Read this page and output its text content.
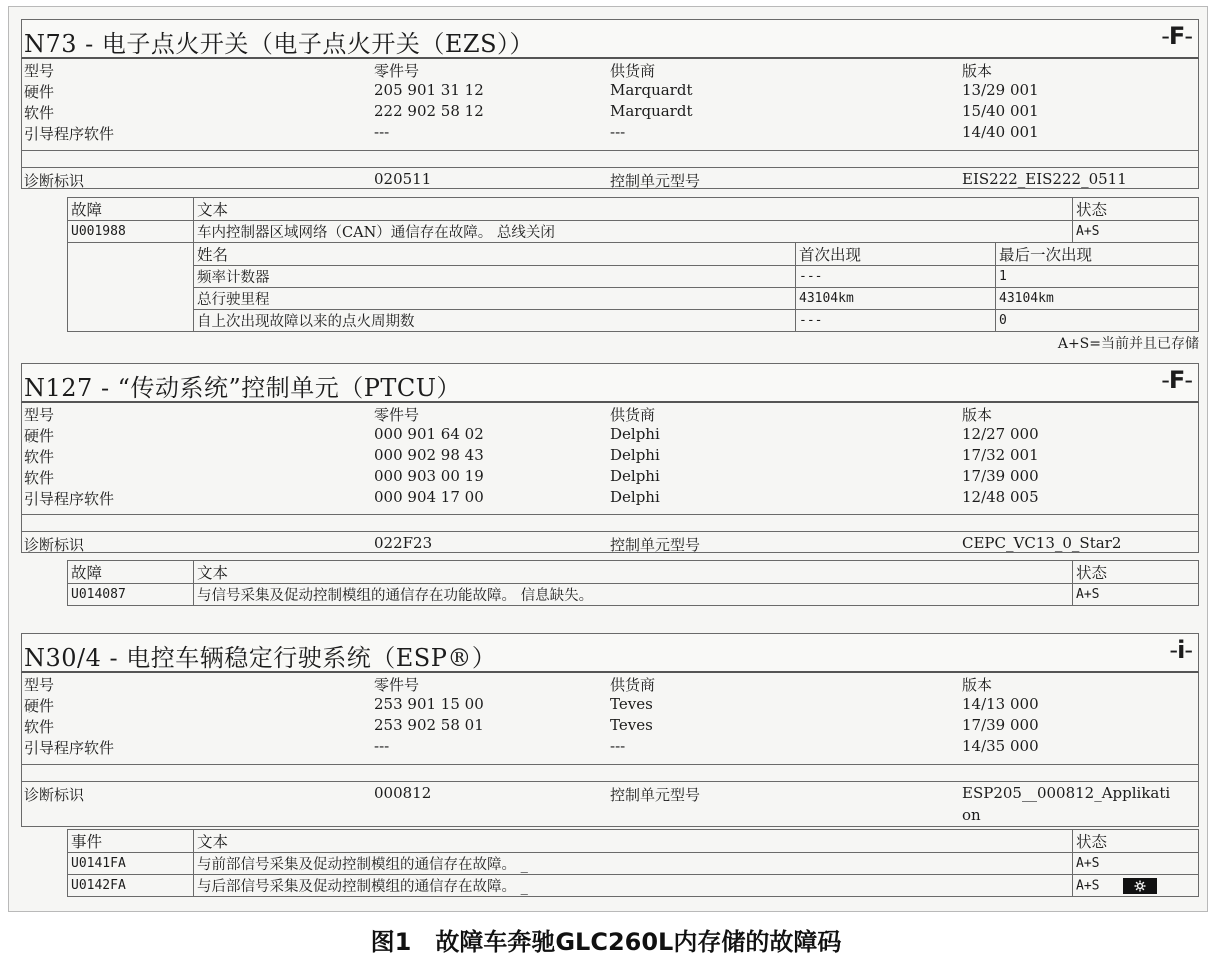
N73 - 电子点火开关（电子点火开关（EZS））	-F-
型号	零件号	供货商	版本
硬件	205 901 31 12	Marquardt	13/29 001
软件	222 902 58 12	Marquardt	15/40 001
引导程序软件	---	---	14/40 001
诊断标识	020511	控制单元型号	EIS222_EIS222_0511
故障	文本			状态
U001988	车内控制器区域网络（CAN）通信存在故障。 总线关闭			A+S
	姓名	首次出现	最后一次出现	
	频率计数器	---	1	
	总行驶里程	43104km	43104km	
	自上次出现故障以来的点火周期数	---	0	
A+S=当前并且已存储
N127 - “传动系统”控制单元（PTCU）	-F-
型号	零件号	供货商	版本
硬件	000 901 64 02	Delphi	12/27 000
软件	000 902 98 43	Delphi	17/32 001
软件	000 903 00 19	Delphi	17/39 000
引导程序软件	000 904 17 00	Delphi	12/48 005
诊断标识	022F23	控制单元型号	CEPC_VC13_0_Star2
故障	文本	状态
U014087	与信号采集及促动控制模组的通信存在功能故障。 信息缺失。	A+S
N30/4 - 电控车辆稳定行驶系统（ESP®）	-i-
型号	零件号	供货商	版本
硬件	253 901 15 00	Teves	14/13 000
软件	253 902 58 01	Teves	17/39 000
引导程序软件	---	---	14/35 000
诊断标识	000812	控制单元型号	ESP205__000812_Applikati
on
事件	文本	状态
U0141FA	与前部信号采集及促动控制模组的通信存在故障。 _	A+S
U0142FA	与后部信号采集及促动控制模组的通信存在故障。 _	A+S
图1　故障车奔驰GLC260L内存储的故障码
